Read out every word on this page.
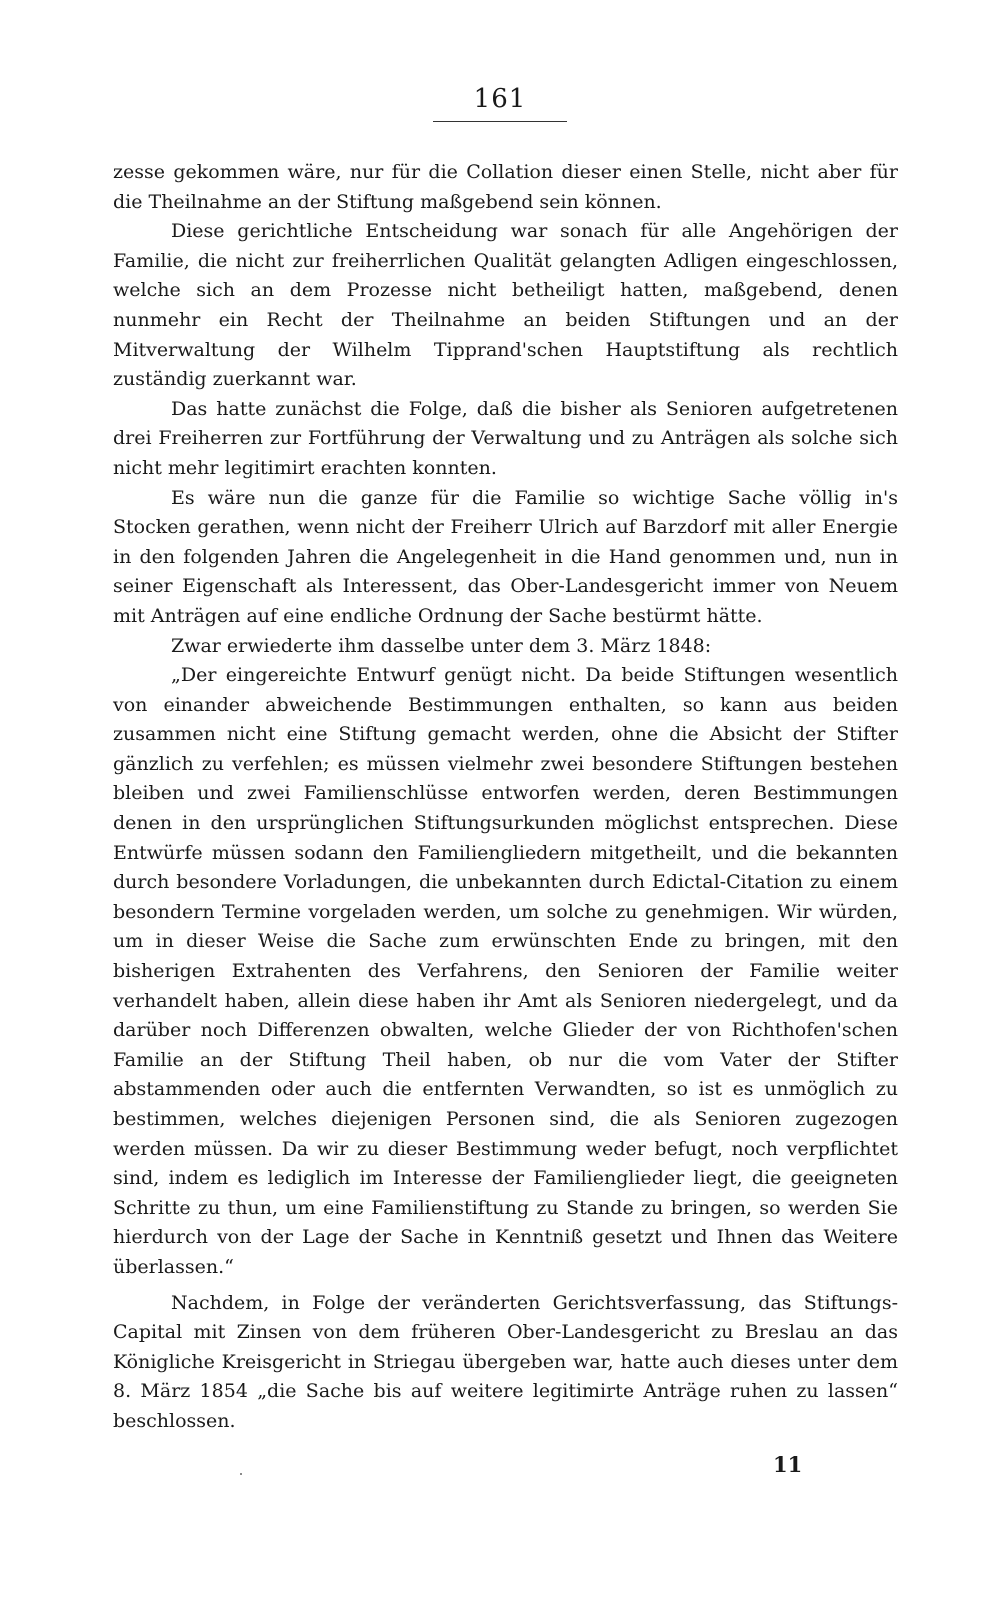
161

zesse gekommen wäre, nur für die Collation dieser einen Stelle, nicht aber für die Theilnahme an der Stiftung maßgebend sein können.

Diese gerichtliche Entscheidung war sonach für alle Angehörigen der Familie, die nicht zur freiherrlichen Qualität gelangten Adligen eingeschlossen, welche sich an dem Prozesse nicht betheiligt hatten, maßgebend, denen nunmehr ein Recht der Theilnahme an beiden Stiftungen und an der Mitverwaltung der Wilhelm Tipprand'schen Hauptstiftung als rechtlich zuständig zuerkannt war.

Das hatte zunächst die Folge, daß die bisher als Senioren aufgetretenen drei Freiherren zur Fortführung der Verwaltung und zu Anträgen als solche sich nicht mehr legitimirt erachten konnten.

Es wäre nun die ganze für die Familie so wichtige Sache völlig in's Stocken gerathen, wenn nicht der Freiherr Ulrich auf Barzdorf mit aller Energie in den folgenden Jahren die Angelegenheit in die Hand genommen und, nun in seiner Eigenschaft als Interessent, das Ober-Landesgericht immer von Neuem mit Anträgen auf eine endliche Ordnung der Sache bestürmt hätte.

Zwar erwiederte ihm dasselbe unter dem 3. März 1848:

„Der eingereichte Entwurf genügt nicht. Da beide Stiftungen wesentlich von einander abweichende Bestimmungen enthalten, so kann aus beiden zusammen nicht eine Stiftung gemacht werden, ohne die Absicht der Stifter gänzlich zu verfehlen; es müssen vielmehr zwei besondere Stiftungen bestehen bleiben und zwei Familienschlüsse entworfen werden, deren Bestimmungen denen in den ursprünglichen Stiftungsurkunden möglichst entsprechen. Diese Entwürfe müssen sodann den Familiengliedern mitgetheilt, und die bekannten durch besondere Vorladungen, die unbekannten durch Edictal-Citation zu einem besondern Termine vorgeladen werden, um solche zu genehmigen. Wir würden, um in dieser Weise die Sache zum erwünschten Ende zu bringen, mit den bisherigen Extrahenten des Verfahrens, den Senioren der Familie weiter verhandelt haben, allein diese haben ihr Amt als Senioren niedergelegt, und da darüber noch Differenzen obwalten, welche Glieder der von Richthofen'schen Familie an der Stiftung Theil haben, ob nur die vom Vater der Stifter abstammenden oder auch die entfernten Verwandten, so ist es unmöglich zu bestimmen, welches diejenigen Personen sind, die als Senioren zugezogen werden müssen. Da wir zu dieser Bestimmung weder befugt, noch verpflichtet sind, indem es lediglich im Interesse der Familienglieder liegt, die geeigneten Schritte zu thun, um eine Familienstiftung zu Stande zu bringen, so werden Sie hierdurch von der Lage der Sache in Kenntniß gesetzt und Ihnen das Weitere überlassen.“

Nachdem, in Folge der veränderten Gerichtsverfassung, das Stiftungs-Capital mit Zinsen von dem früheren Ober-Landesgericht zu Breslau an das Königliche Kreisgericht in Striegau übergeben war, hatte auch dieses unter dem 8. März 1854 „die Sache bis auf weitere legitimirte Anträge ruhen zu lassen“ beschlossen.

11
